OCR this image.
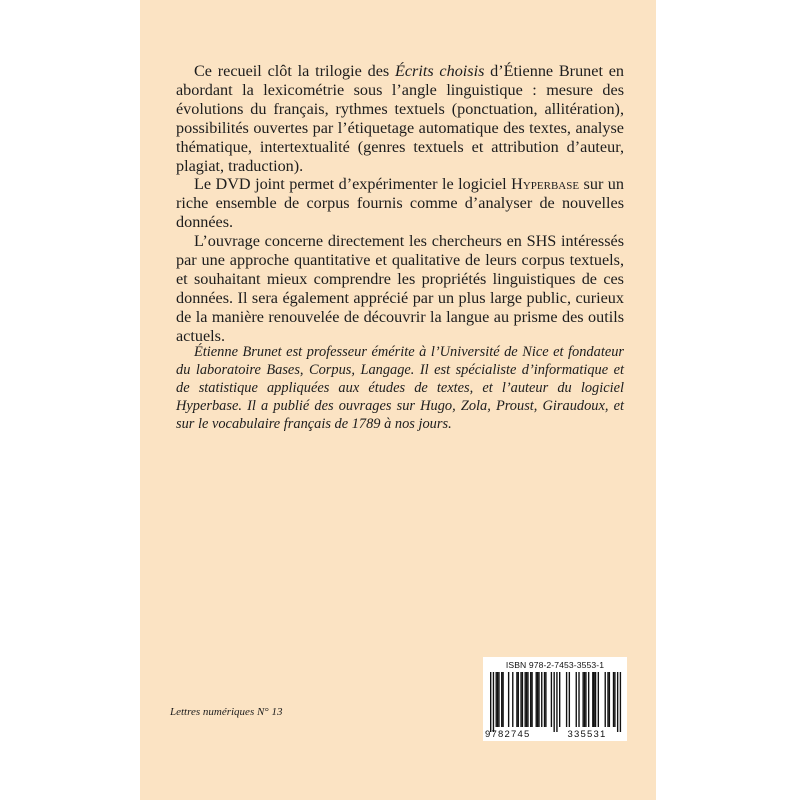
Ce recueil clôt la trilogie des Écrits choisis d’Étienne Brunet en abordant la lexicométrie sous l’angle linguistique : mesure des évolutions du français, rythmes textuels (ponctuation, allitération), possibilités ouvertes par l’étiquetage automatique des textes, analyse thématique, intertextualité (genres textuels et attribution d’auteur, plagiat, traduction).

Le DVD joint permet d’expérimenter le logiciel Hyperbase sur un riche ensemble de corpus fournis comme d’analyser de nouvelles données.

L’ouvrage concerne directement les chercheurs en SHS intéressés par une approche quantitative et qualitative de leurs corpus textuels, et souhaitant mieux comprendre les propriétés linguistiques de ces données. Il sera également apprécié par un plus large public, curieux de la manière renouvelée de découvrir la langue au prisme des outils actuels.

Étienne Brunet est professeur émérite à l’Université de Nice et fondateur du laboratoire Bases, Corpus, Langage. Il est spécialiste d’informatique et de statistique appliquées aux études de textes, et l’auteur du logiciel Hyperbase. Il a publié des ouvrages sur Hugo, Zola, Proust, Giraudoux, et sur le vocabulaire français de 1789 à nos jours.

Lettres numériques N° 13
9 782745	335531
ISBN 978-2-7453-3553-1
